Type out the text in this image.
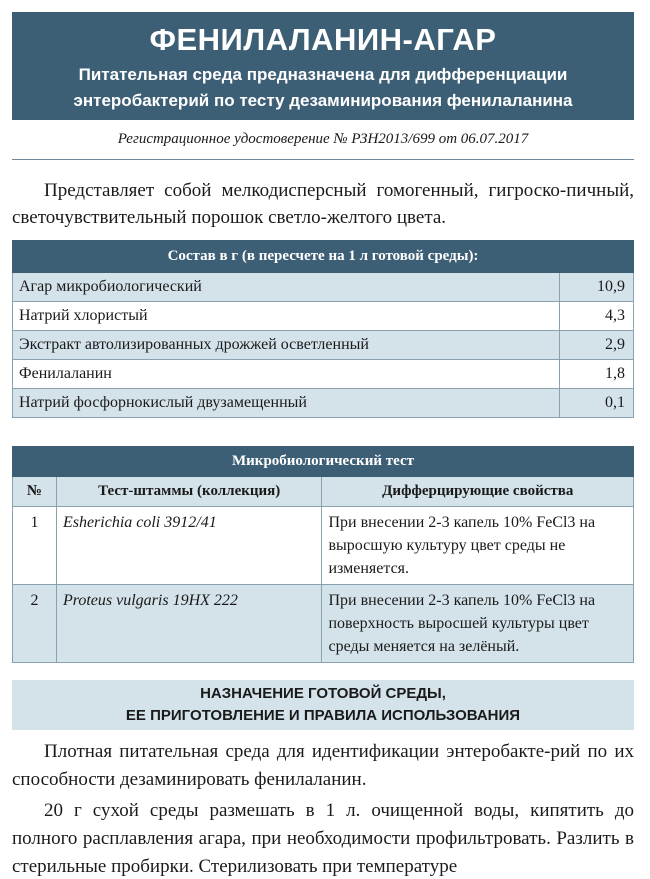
ФЕНИЛАЛАНИН-АГАР
Питательная среда предназначена для дифференциации
энтеробактерий по тесту дезаминирования фенилаланина
Регистрационное удостоверение № РЗН2013/699 от 06.07.2017

Представляет собой мелкодисперсный гомогенный, гигроско-пичный, светочувствительный порошок светло-желтого цвета.

Состав в г (в пересчете на 1 л готовой среды):	
Агар микробиологический	10,9
Натрий хлористый	4,3
Экстракт автолизированных дрожжей осветленный	2,9
Фенилаланин	1,8
Натрий фосфорнокислый двузамещенный	0,1
Микробиологический тест		
№	Тест-штаммы (коллекция)	Дифферцирующие свойства
1	Esherichia coli 3912/41	При внесении 2-3 капель 10% FeCl3 на выросшую культуру цвет среды не изменяется.
2	Proteus vulgaris 19НХ 222	При внесении 2-3 капель 10% FeCl3 на поверхность выросшей культуры цвет среды меняется на зелёный.
НАЗНАЧЕНИЕ ГОТОВОЙ СРЕДЫ,
ЕЕ ПРИГОТОВЛЕНИЕ И ПРАВИЛА ИСПОЛЬЗОВАНИЯ

Плотная питательная среда для идентификации энтеробакте-рий по их способности дезаминировать фенилаланин.

20 г сухой среды размешать в 1 л. очищенной воды, кипятить до полного расплавления агара, при необходимости профильтровать. Разлить в стерильные пробирки. Стерилизовать при температуре
